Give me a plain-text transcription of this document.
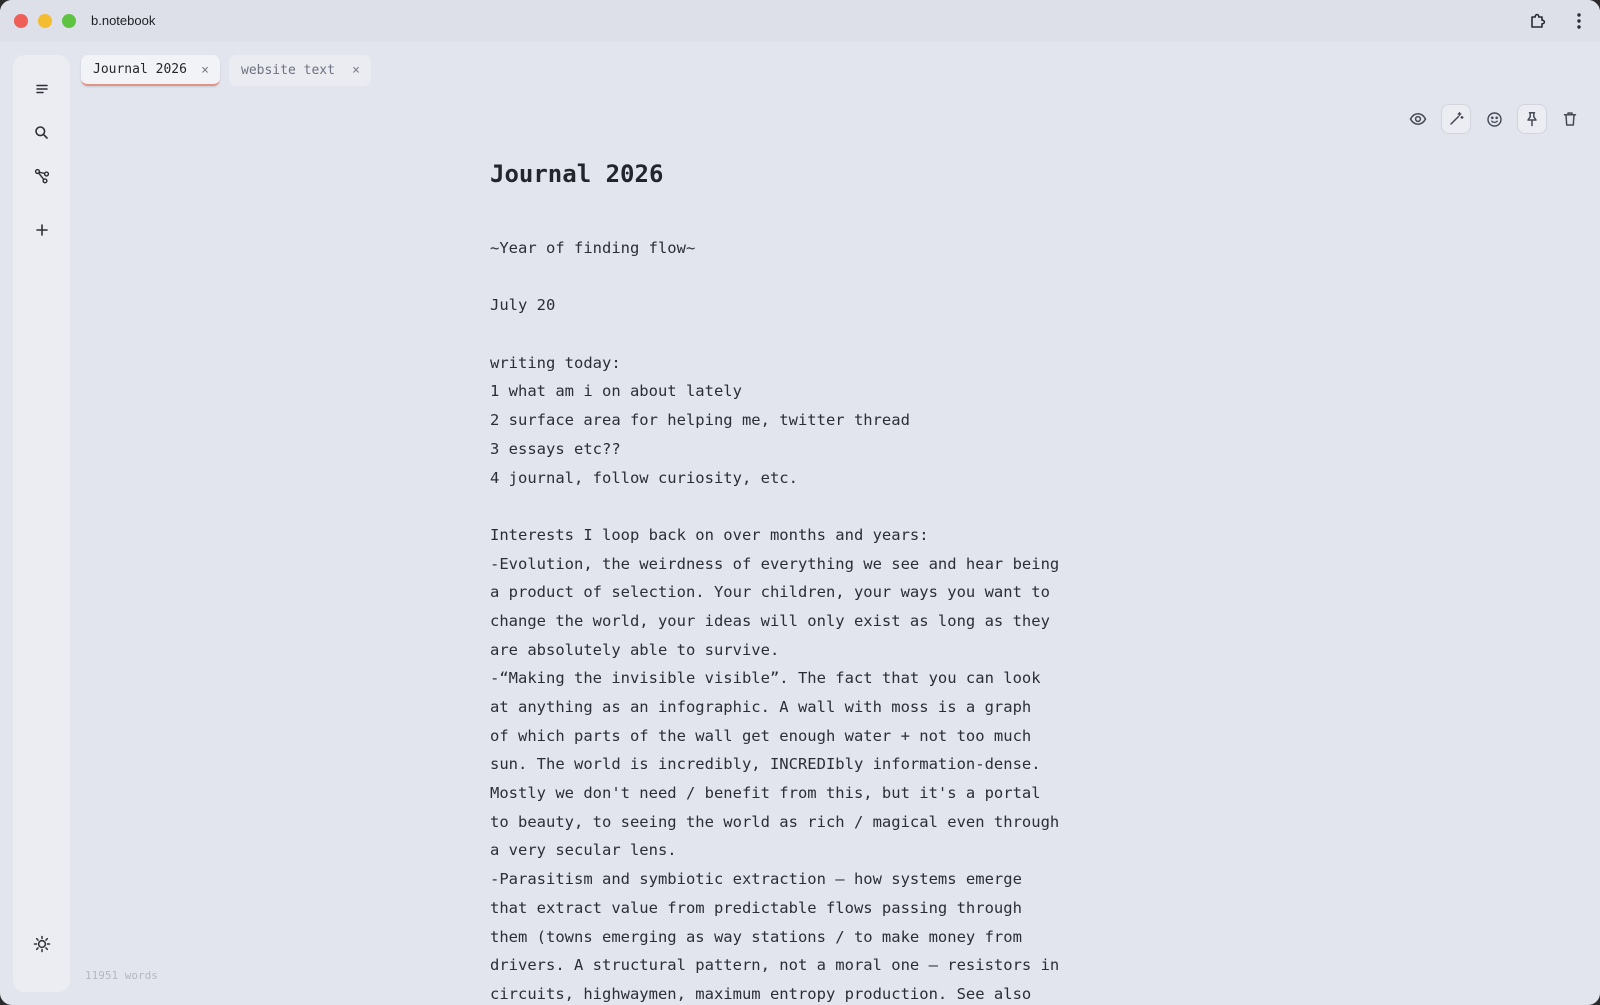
b.notebook
Journal 2026 × website text ×
Journal 2026
~Year of finding flow~
July 20
writing today:
1 what am i on about lately
2 surface area for helping me, twitter thread
3 essays etc??
4 journal, follow curiosity, etc.
Interests I loop back on over months and years:
-Evolution, the weirdness of everything we see and hear being
a product of selection. Your children, your ways you want to
change the world, your ideas will only exist as long as they
are absolutely able to survive.
-“Making the invisible visible”. The fact that you can look
at anything as an infographic. A wall with moss is a graph
of which parts of the wall get enough water + not too much
sun. The world is incredibly, INCREDIbly information-dense.
Mostly we don't need / benefit from this, but it's a portal
to beauty, to seeing the world as rich / magical even through
a very secular lens.
-Parasitism and symbiotic extraction — how systems emerge
that extract value from predictable flows passing through
them (towns emerging as way stations / to make money from
drivers. A structural pattern, not a moral one — resistors in
circuits, highwaymen, maximum entropy production. See also
11951 words
